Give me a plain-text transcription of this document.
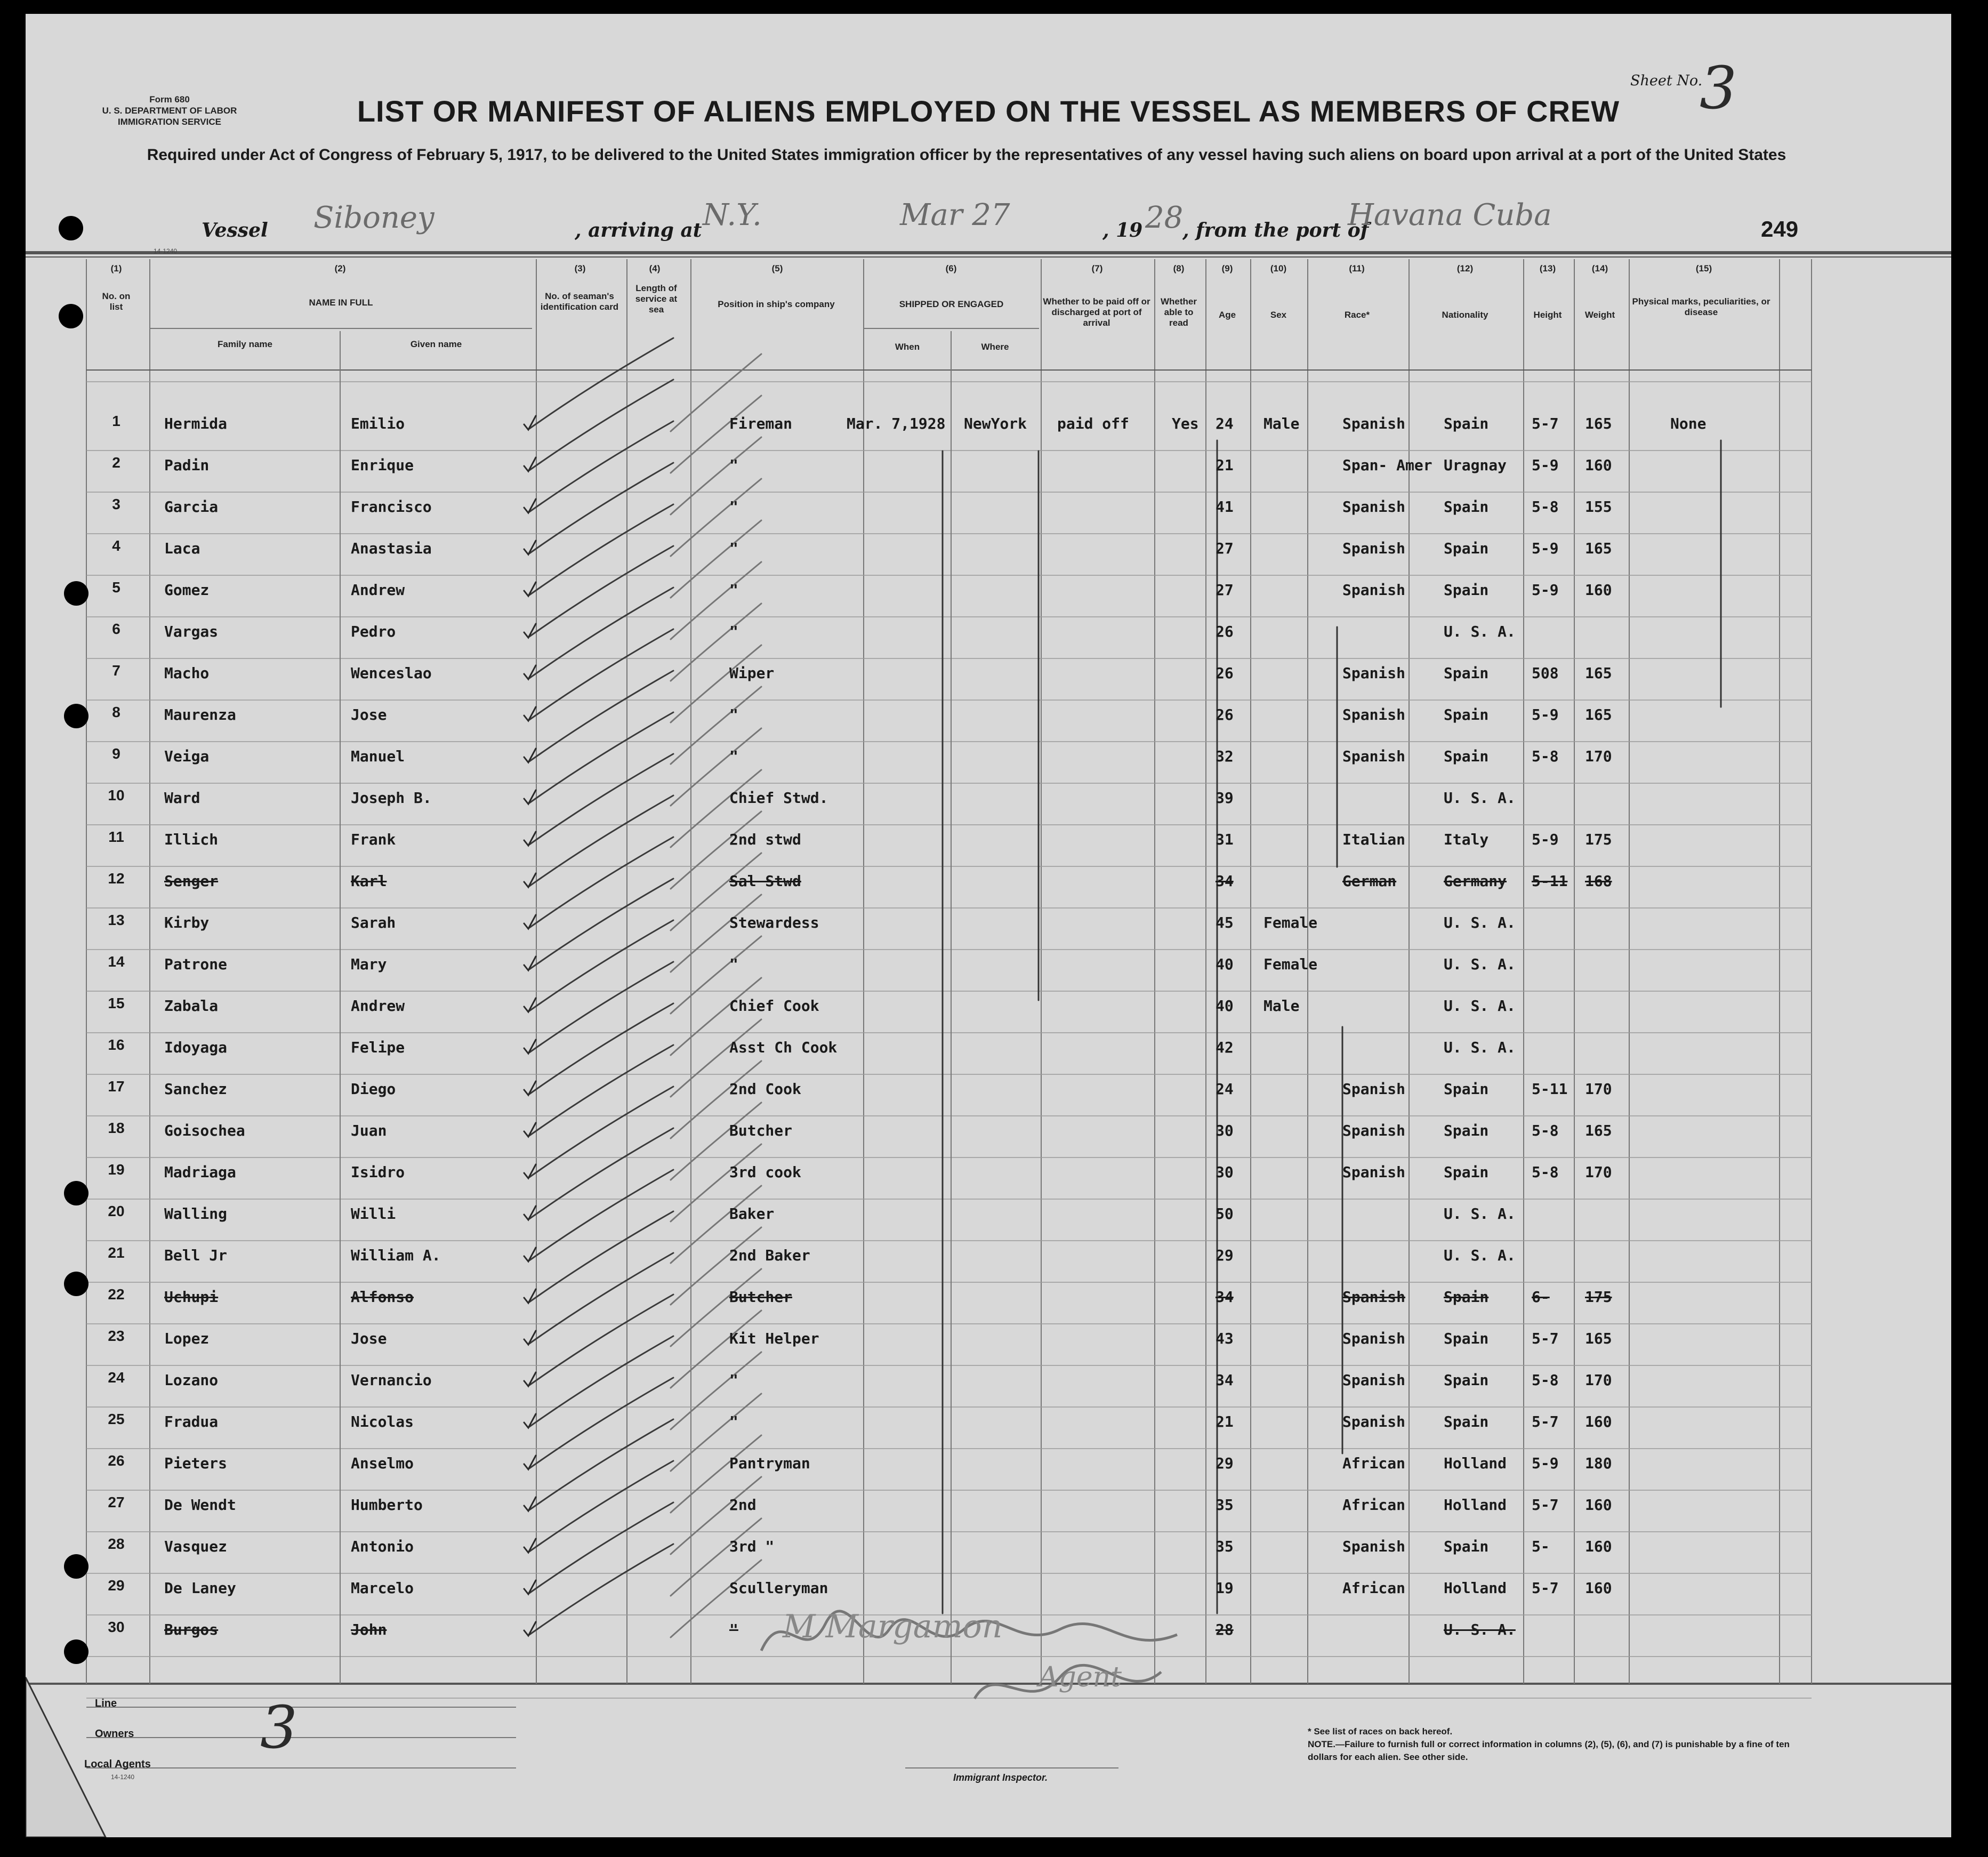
Form 680
U. S. DEPARTMENT OF LABOR
IMMIGRATION SERVICE
Sheet No.
3
LIST OR MANIFEST OF ALIENS EMPLOYED ON THE VESSEL AS MEMBERS OF CREW
Required under Act of Congress of February 5, 1917, to be delivered to the United States immigration officer by the representatives of any vessel having such aliens on board upon arrival at a port of the United States
Vessel Siboney	, arriving at N.Y.	Mar 27	, 19 28
, from the port of
Havana Cuba	249
14-1240
(1)	(2)	(3)	(4)	(5)	(6)	(7)	(8)	(9)	(10)	(11)	(12)	(13)	(14)	(15)
No. on list	NAME IN FULL
Family name	Given name
No. of seaman's identification card
Length of service at sea
Position in ship's company	SHIPPED OR ENGAGED
When	Where
Whether to be paid off or discharged at port of arrival
Whether able to read
Age	Sex	Race*	Nationality	Height	Weight
Physical marks, peculiarities, or disease
1	Hermida	Emilio	Fireman	Mar. 7,1928 NewYork paid off	Yes 24 Male	Spanish	Spain	5-7 165	None
2	Padin	Enrique	"	21	Span- Amer Uragnay 5-9 160
3	Garcia	Francisco	"	41	Spanish	Spain	5-8 155
4	Laca	Anastasia	"	27	Spanish	Spain	5-9 165
5	Gomez	Andrew	"	27	Spanish	Spain	5-9 160
6	Vargas	Pedro	"	26	U. S. A.
7	Macho	Wenceslao	Wiper	26	Spanish	Spain	508 165
8	Maurenza	Jose	"	26	Spanish	Spain	5-9 165
9	Veiga	Manuel	"	32	Spanish	Spain	5-8 170
10	Ward	Joseph B.	Chief Stwd.	39	U. S. A.
11	Illich	Frank	2nd stwd	31	Italian	Italy	5-9 175
12	Senger	Karl	Sal Stwd	34	German	Germany 5-11 168
13	Kirby	Sarah	Stewardess	45 Female	U. S. A.
14	Patrone	Mary	"	40 Female	U. S. A.
15	Zabala	Andrew	Chief Cook	40 Male	U. S. A.
16	Idoyaga	Felipe	Asst Ch Cook	42	U. S. A.
17	Sanchez	Diego	2nd Cook	24	Spanish	Spain	5-11 170
18	Goisochea	Juan	Butcher	30	Spanish	Spain	5-8 165
19	Madriaga	Isidro	3rd cook	30	Spanish	Spain	5-8 170
20	Walling	Willi	Baker	50	U. S. A.
21	Bell Jr	William A.	2nd Baker	29	U. S. A.
22	Uchupi	Alfonso	Butcher	34	Spanish	Spain	6- 175
23	Lopez	Jose	Kit Helper	43	Spanish	Spain	5-7 165
24	Lozano	Vernancio	"	34	Spanish	Spain	5-8 170
25	Fradua	Nicolas	"	21	Spanish	Spain	5-7 160
26	Pieters	Anselmo	Pantryman	29	African	Holland 5-9 180
27	De Wendt	Humberto	2nd	35	African	Holland 5-7 160
28	Vasquez	Antonio	3rd "	35	Spanish	Spain	5- 160
29	De Laney	Marcelo	Sculleryman	19	African	Holland 5-7 160
30	Burgos	John	"	28	U. S. A.
M Margamon
Agent
Line
Owners
Local Agents
3
14-1240	Immigrant Inspector.
* See list of races on back hereof.
NOTE.—Failure to furnish full or correct information in columns (2), (5), (6), and (7) is punishable by a fine of ten dollars for each alien. See other side.
